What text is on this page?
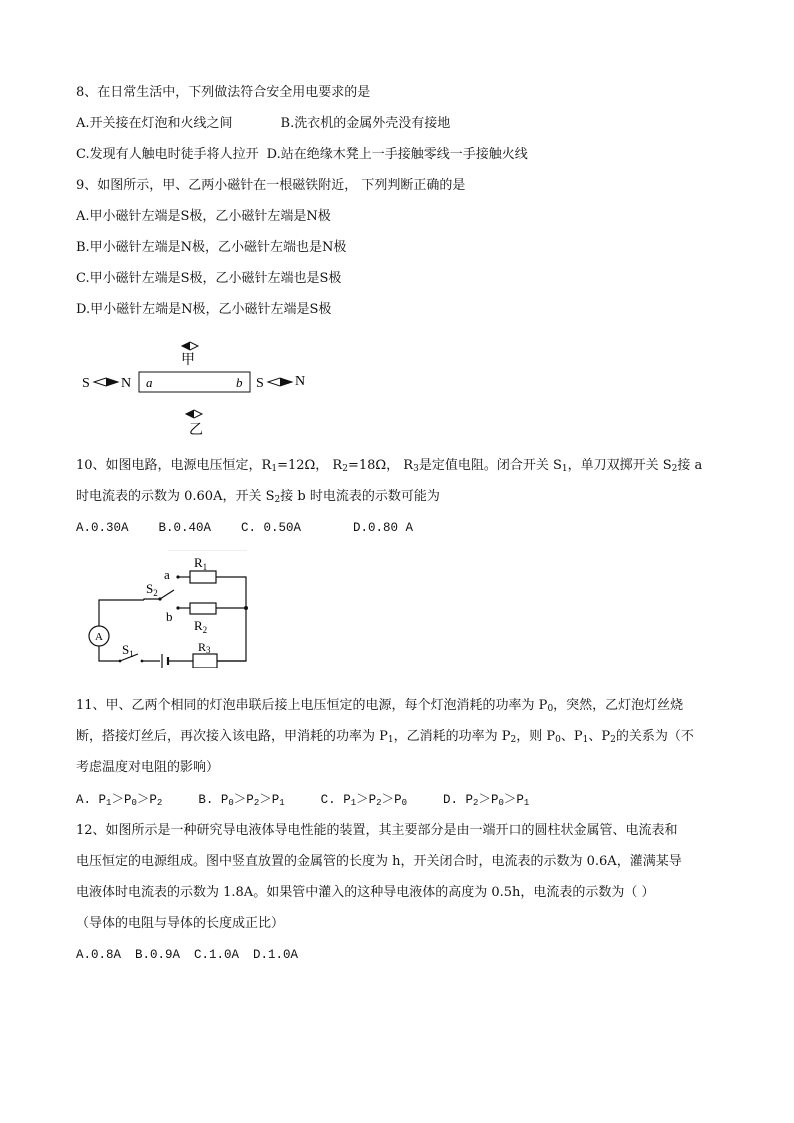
8、在日常生活中，下列做法符合安全用电要求的是
A.开关接在灯泡和火线之间	B.洗衣机的金属外壳没有接地
C.发现有人触电时徒手将人拉开 D.站在绝缘木凳上一手接触零线一手接触火线
9、如图所示，甲、乙两小磁针在一根磁铁附近， 下列判断正确的是
A.甲小磁针左端是S极，乙小磁针左端是N极
B.甲小磁针左端是N极，乙小磁针左端也是N极
C.甲小磁针左端是S极，乙小磁针左端也是S极
D.甲小磁针左端是N极，乙小磁针左端是S极
甲
S N a	b S N
乙
10、如图电路，电源电压恒定，$R_1=12\Omega$， $R_2=18\Omega$， $R_3$是定值电阻。闭合开关 $S_1$，单刀双掷开关 $S_2$接 a
时电流表的示数为 0.60A，开关 $S_2$接 b 时电流表的示数可能为
A.0.30A B.0.40A C. 0.50A	D.0.80 A
A
$R_1$
$R_2$
R3
$S_2$
$S_1$
a
b
11、甲、乙两个相同的灯泡串联后接上电压恒定的电源，每个灯泡消耗的功率为 $P_0$，突然，乙灯泡灯丝烧
断，搭接灯丝后，再次接入该电路，甲消耗的功率为 $P_1$，乙消耗的功率为 $P_2$，则 $P_0$、$P_1$、$P_2$的关系为（不
考虑温度对电阻的影响）
A. $P_1>P_0>P_2$	B. $P_0>P_2>P_1$	C. $P_1>P_2>P_0$	D. $P_2>P_0>P_1$
12、如图所示是一种研究导电液体导电性能的装置，其主要部分是由一端开口的圆柱状金属管、电流表和
电压恒定的电源组成。图中竖直放置的金属管的长度为 h，开关闭合时，电流表的示数为 0.6A，灌满某导
电液体时电流表的示数为 1.8A。如果管中灌入的这种导电液体的高度为 0.5h，电流表的示数为（ ）
（导体的电阻与导体的长度成正比）
A.0.8A B.0.9A C.1.0A D.1.0A
